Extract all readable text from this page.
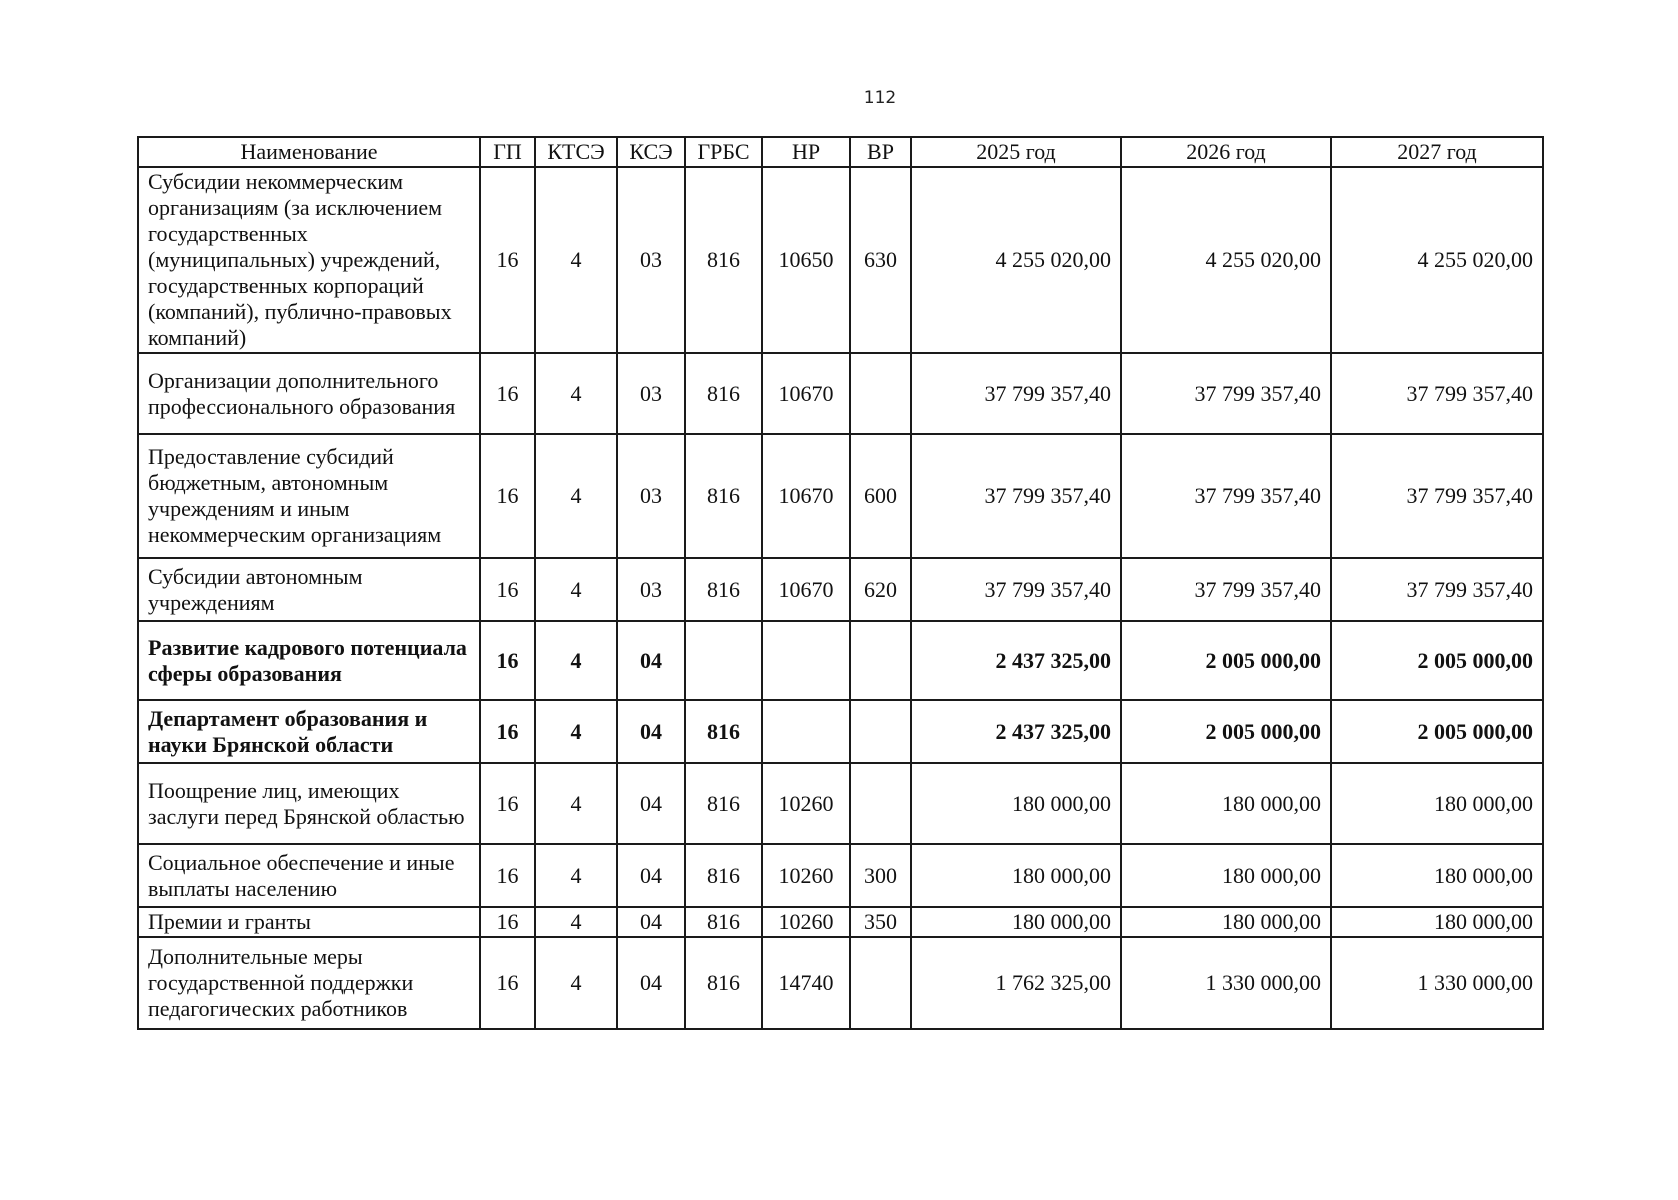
112
Наименование	ГП	КТСЭ	КСЭ	ГРБС	НР	ВР	2025 год	2026 год	2027 год
Субсидии некоммерческим организациям (за исключением государственных (муниципальных) учреждений, государственных корпораций (компаний), публично-правовых компаний)	16	4	03	816	10650	630	4 255 020,00	4 255 020,00	4 255 020,00
Организации дополнительного профессионального образования	16	4	03	816	10670		37 799 357,40	37 799 357,40	37 799 357,40
Предоставление субсидий бюджетным, автономным учреждениям и иным некоммерческим организациям	16	4	03	816	10670	600	37 799 357,40	37 799 357,40	37 799 357,40
Субсидии автономным учреждениям	16	4	03	816	10670	620	37 799 357,40	37 799 357,40	37 799 357,40
Развитие кадрового потенциала сферы образования	16	4	04				2 437 325,00	2 005 000,00	2 005 000,00
Департамент образования и науки Брянской области	16	4	04	816			2 437 325,00	2 005 000,00	2 005 000,00
Поощрение лиц, имеющих заслуги перед Брянской областью	16	4	04	816	10260		180 000,00	180 000,00	180 000,00
Социальное обеспечение и иные выплаты населению	16	4	04	816	10260	300	180 000,00	180 000,00	180 000,00
Премии и гранты	16	4	04	816	10260	350	180 000,00	180 000,00	180 000,00
Дополнительные меры государственной поддержки педагогических работников	16	4	04	816	14740		1 762 325,00	1 330 000,00	1 330 000,00
